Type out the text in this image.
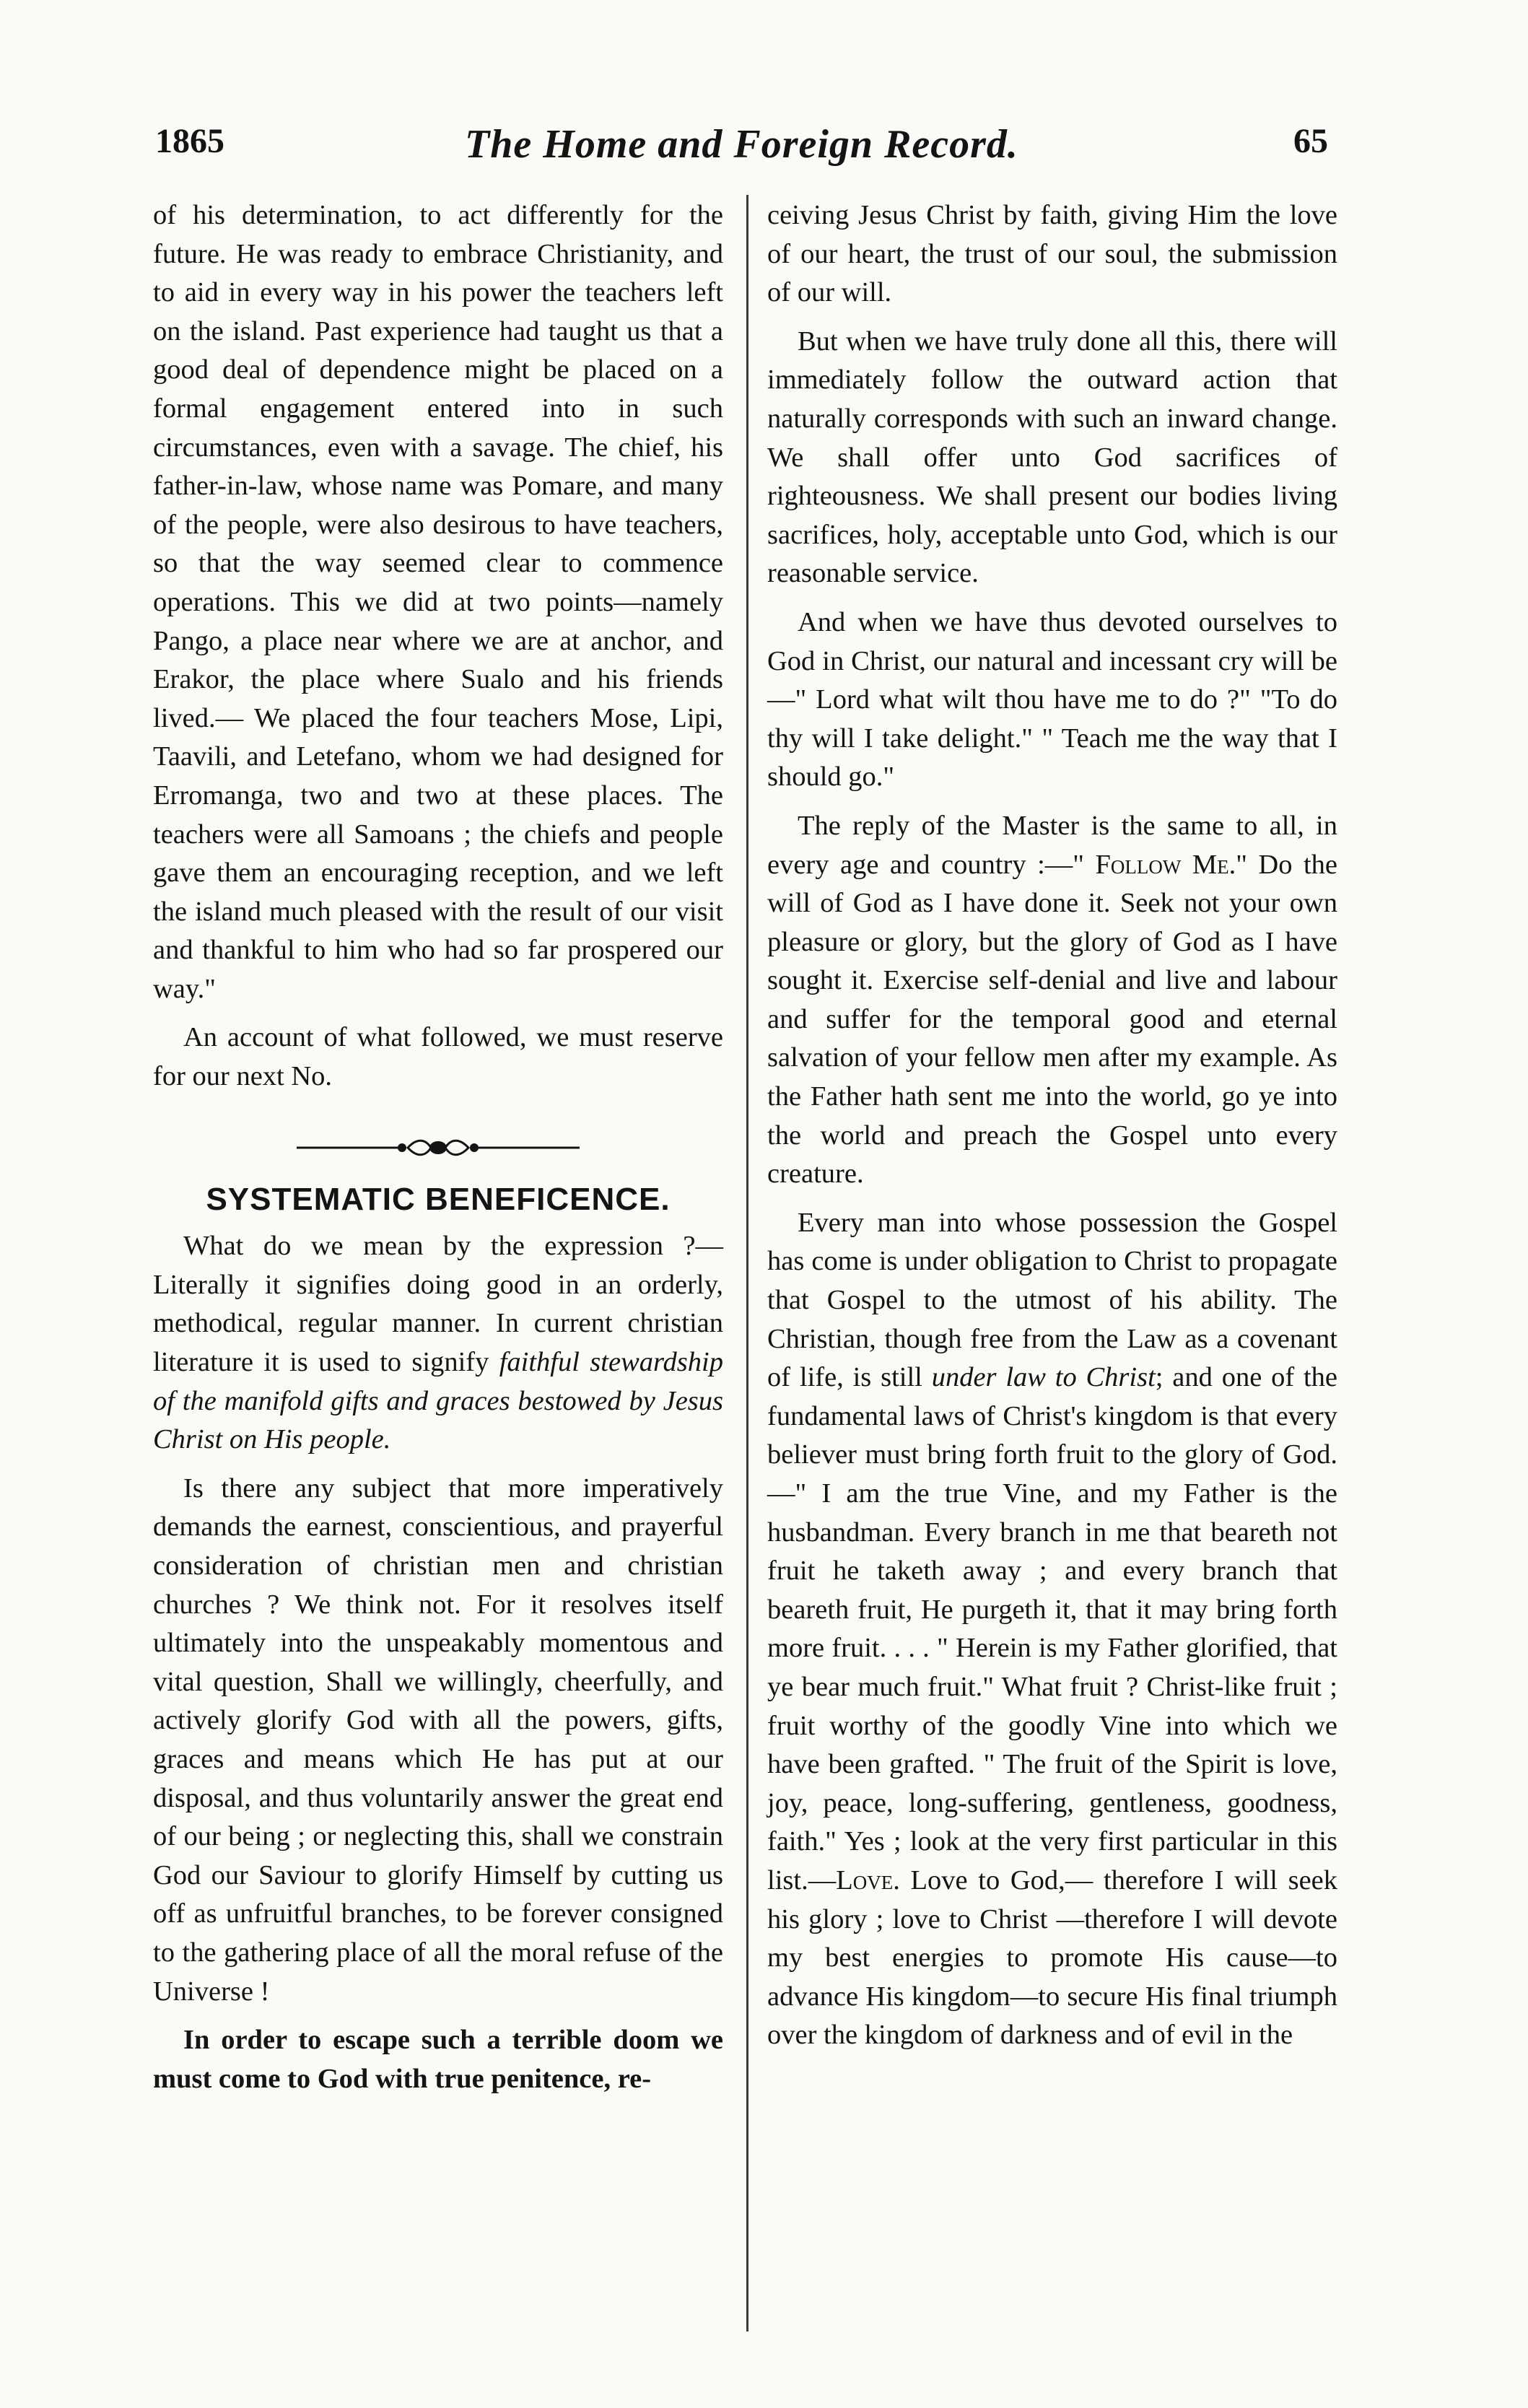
1865	The Home and Foreign Record.	65

of his determination, to act differently for the future. He was ready to embrace Christianity, and to aid in every way in his power the teachers left on the island. Past experience had taught us that a good deal of dependence might be placed on a formal engagement entered into in such circumstances, even with a savage. The chief, his father-in-law, whose name was Pomare, and many of the people, were also desirous to have teachers, so that the way seemed clear to commence operations. This we did at two points—namely Pango, a place near where we are at anchor, and Erakor, the place where Sualo and his friends lived.— We placed the four teachers Mose, Lipi, Taavili, and Letefano, whom we had designed for Erromanga, two and two at these places. The teachers were all Samoans ; the chiefs and people gave them an encouraging reception, and we left the island much pleased with the result of our visit and thankful to him who had so far prospered our way."

An account of what followed, we must reserve for our next No.

SYSTEMATIC BENEFICENCE.

What do we mean by the expression ?— Literally it signifies doing good in an orderly, methodical, regular manner. In current christian literature it is used to signify faithful stewardship of the manifold gifts and graces bestowed by Jesus Christ on His people.

Is there any subject that more imperatively demands the earnest, conscientious, and prayerful consideration of christian men and christian churches ? We think not. For it resolves itself ultimately into the unspeakably momentous and vital question, Shall we willingly, cheerfully, and actively glorify God with all the powers, gifts, graces and means which He has put at our disposal, and thus voluntarily answer the great end of our being ; or neglecting this, shall we constrain God our Saviour to glorify Himself by cutting us off as unfruitful branches, to be forever consigned to the gathering place of all the moral refuse of the Universe !

In order to escape such a terrible doom we must come to God with true penitence, re-

ceiving Jesus Christ by faith, giving Him the love of our heart, the trust of our soul, the submission of our will.

But when we have truly done all this, there will immediately follow the outward action that naturally corresponds with such an inward change. We shall offer unto God sacrifices of righteousness. We shall present our bodies living sacrifices, holy, acceptable unto God, which is our reasonable service.

And when we have thus devoted ourselves to God in Christ, our natural and incessant cry will be—" Lord what wilt thou have me to do ?" "To do thy will I take delight." " Teach me the way that I should go."

The reply of the Master is the same to all, in every age and country :—" Follow Me." Do the will of God as I have done it. Seek not your own pleasure or glory, but the glory of God as I have sought it. Exercise self-denial and live and labour and suffer for the temporal good and eternal salvation of your fellow men after my example. As the Father hath sent me into the world, go ye into the world and preach the Gospel unto every creature.

Every man into whose possession the Gospel has come is under obligation to Christ to propagate that Gospel to the utmost of his ability. The Christian, though free from the Law as a covenant of life, is still under law to Christ; and one of the fundamental laws of Christ's kingdom is that every believer must bring forth fruit to the glory of God.—" I am the true Vine, and my Father is the husbandman. Every branch in me that beareth not fruit he taketh away ; and every branch that beareth fruit, He purgeth it, that it may bring forth more fruit. . . . " Herein is my Father glorified, that ye bear much fruit." What fruit ? Christ-like fruit ; fruit worthy of the goodly Vine into which we have been grafted. " The fruit of the Spirit is love, joy, peace, long-suffering, gentleness, goodness, faith." Yes ; look at the very first particular in this list.—Love. Love to God,— therefore I will seek his glory ; love to Christ —therefore I will devote my best energies to promote His cause—to advance His kingdom—to secure His final triumph over the kingdom of darkness and of evil in the
